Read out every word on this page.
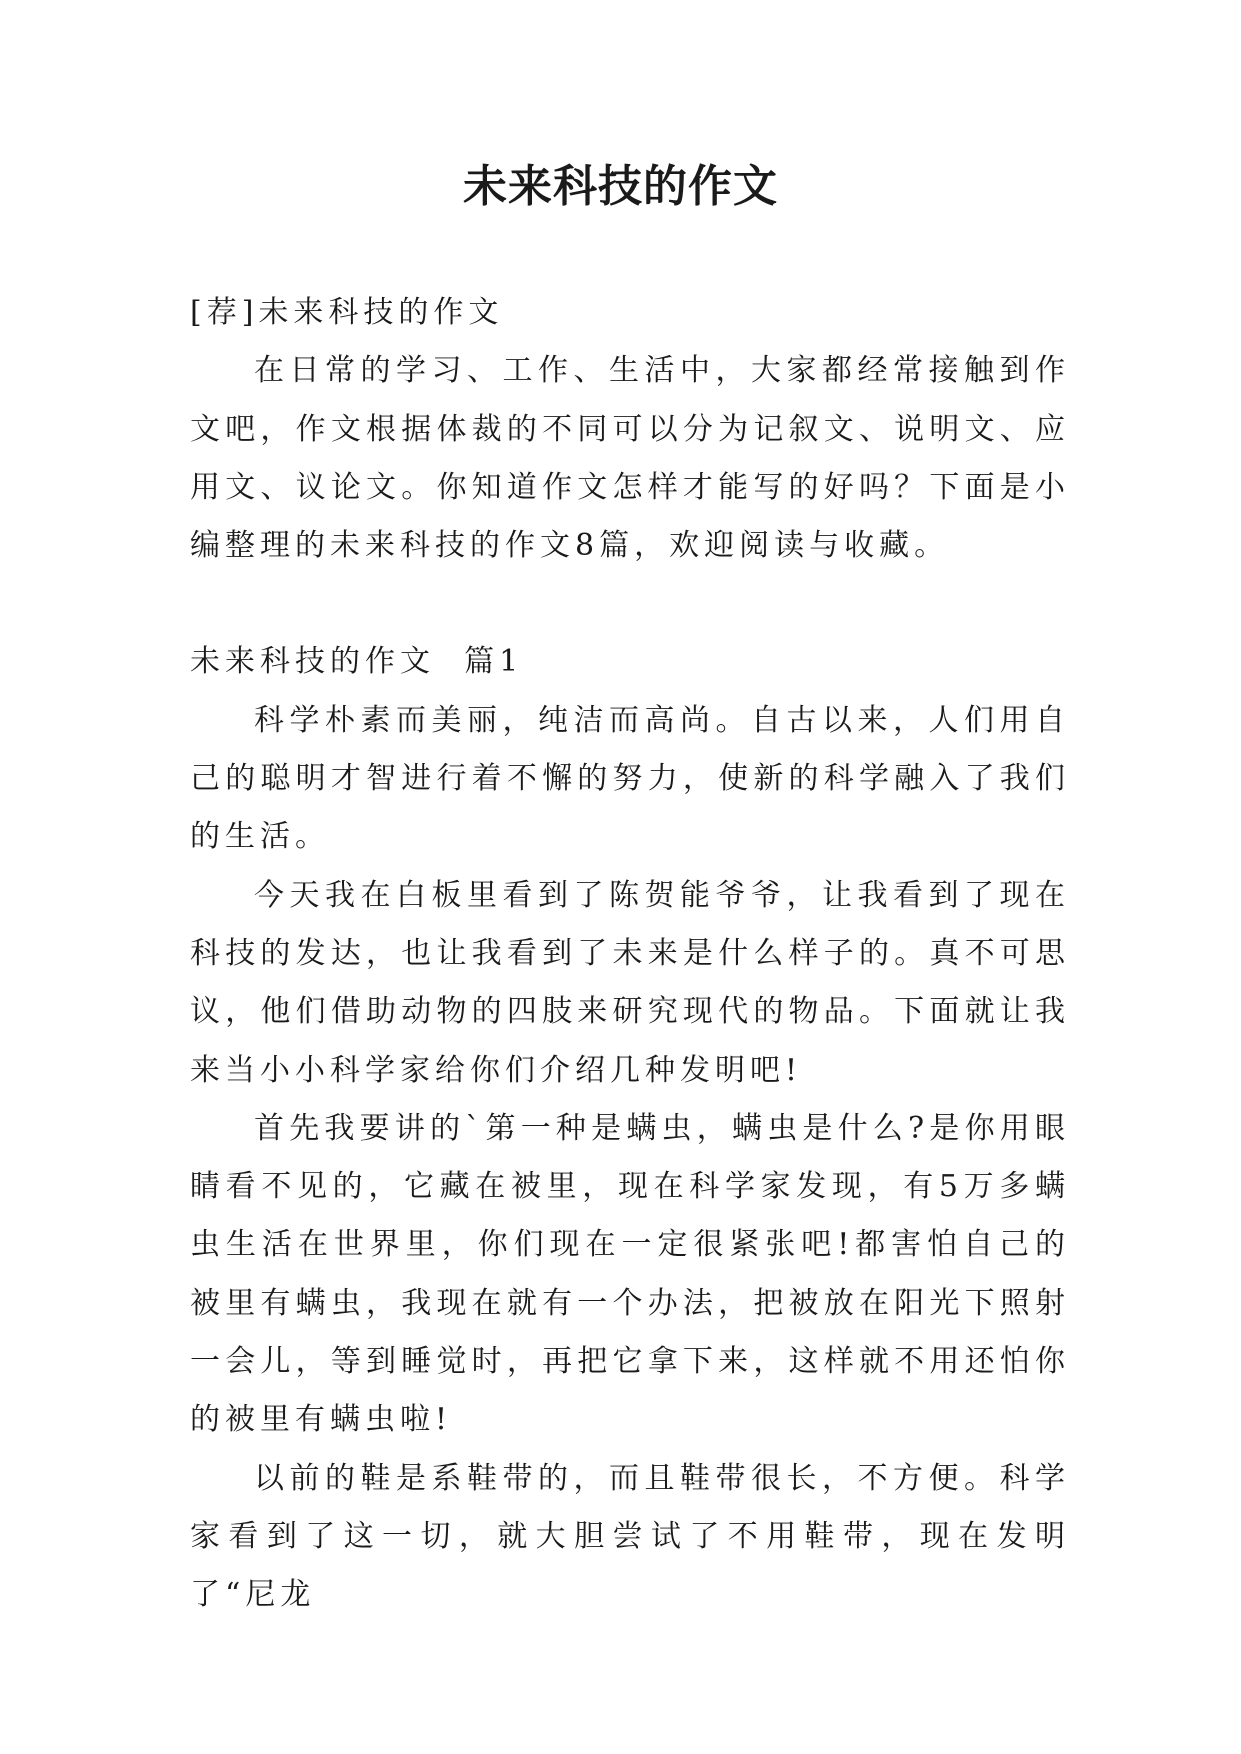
未来科技的作文

[荐]未来科技的作文

在日常的学习、工作、生活中，大家都经常接触到作文吧，作文根据体裁的不同可以分为记叙文、说明文、应用文、议论文。你知道作文怎样才能写的好吗？下面是小编整理的未来科技的作文8篇，欢迎阅读与收藏。

未来科技的作文  篇1

科学朴素而美丽，纯洁而高尚。自古以来，人们用自己的聪明才智进行着不懈的努力，使新的科学融入了我们的生活。

今天我在白板里看到了陈贺能爷爷，让我看到了现在科技的发达，也让我看到了未来是什么样子的。真不可思议，他们借助动物的四肢来研究现代的物品。下面就让我来当小小科学家给你们介绍几种发明吧!

首先我要讲的`第一种是螨虫，螨虫是什么?是你用眼睛看不见的，它藏在被里，现在科学家发现，有5万多螨虫生活在世界里，你们现在一定很紧张吧!都害怕自己的被里有螨虫，我现在就有一个办法，把被放在阳光下照射一会儿，等到睡觉时，再把它拿下来，这样就不用还怕你的被里有螨虫啦!

以前的鞋是系鞋带的，而且鞋带很长，不方便。科学家看到了这一切，就大胆尝试了不用鞋带，现在发明了“尼龙
